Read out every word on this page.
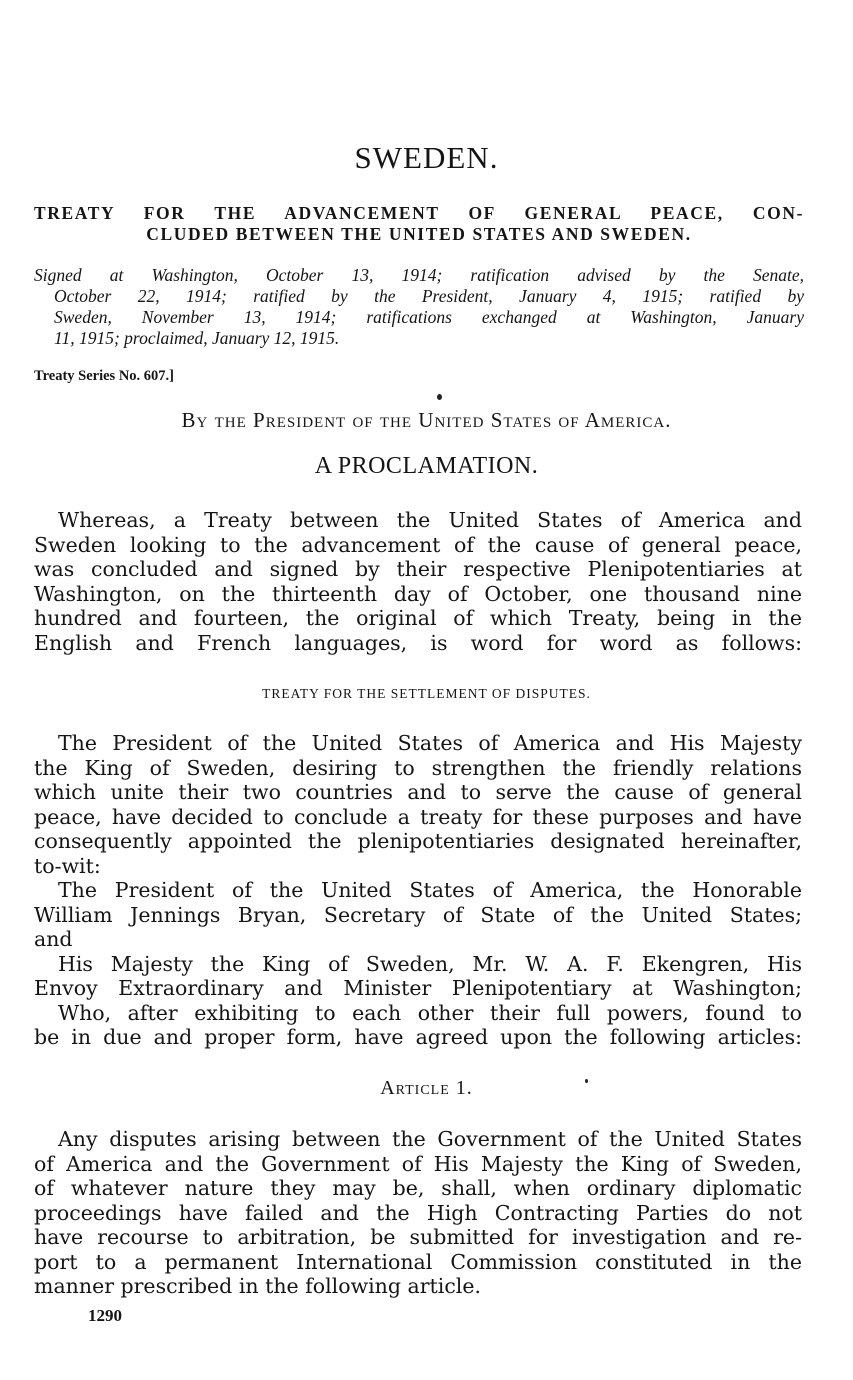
SWEDEN.
TREATY FOR THE ADVANCEMENT OF GENERAL PEACE, CON-
CLUDED BETWEEN THE UNITED STATES AND SWEDEN.
Signed at Washington, October 13, 1914; ratification advised by the Senate,
October 22, 1914; ratified by the President, January 4, 1915; ratified by
Sweden, November 13, 1914; ratifications exchanged at Washington, January
11, 1915; proclaimed, January 12, 1915.
Treaty Series No. 607.]
By the President of the United States of America.
A PROCLAMATION.
Whereas, a Treaty between the United States of America and
Sweden looking to the advancement of the cause of general peace,
was concluded and signed by their respective Plenipotentiaries at
Washington, on the thirteenth day of October, one thousand nine
hundred and fourteen, the original of which Treaty, being in the
English and French languages, is word for word as follows:
TREATY FOR THE SETTLEMENT OF DISPUTES.
The President of the United States of America and His Majesty
the King of Sweden, desiring to strengthen the friendly relations
which unite their two countries and to serve the cause of general
peace, have decided to conclude a treaty for these purposes and have
consequently appointed the plenipotentiaries designated hereinafter,
to-wit:
The President of the United States of America, the Honorable
William Jennings Bryan, Secretary of State of the United States;
and
His Majesty the King of Sweden, Mr. W. A. F. Ekengren, His
Envoy Extraordinary and Minister Plenipotentiary at Washington;
Who, after exhibiting to each other their full powers, found to
be in due and proper form, have agreed upon the following articles:
Article 1.
Any disputes arising between the Government of the United States
of America and the Government of His Majesty the King of Sweden,
of whatever nature they may be, shall, when ordinary diplomatic
proceedings have failed and the High Contracting Parties do not
have recourse to arbitration, be submitted for investigation and re-
port to a permanent International Commission constituted in the
manner prescribed in the following article.
1290
